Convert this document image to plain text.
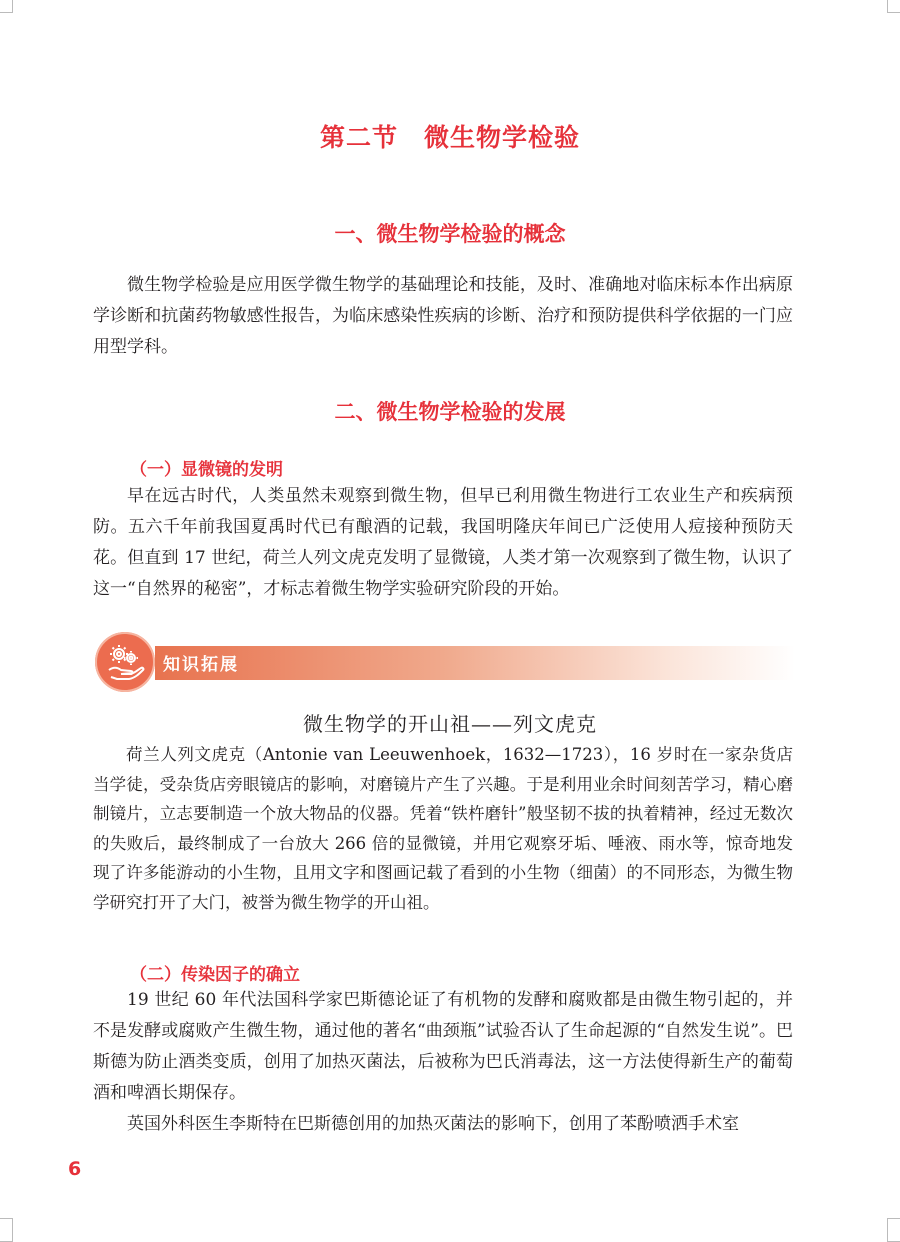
第二节　微生物学检验
一、微生物学检验的概念

微生物学检验是应用医学微生物学的基础理论和技能，及时、准确地对临床标本作出病原学诊断和抗菌药物敏感性报告，为临床感染性疾病的诊断、治疗和预防提供科学依据的一门应用型学科。

二、微生物学检验的发展
（一）显微镜的发明

早在远古时代，人类虽然未观察到微生物，但早已利用微生物进行工农业生产和疾病预防。五六千年前我国夏禹时代已有酿酒的记载，我国明隆庆年间已广泛使用人痘接种预防天花。但直到 17 世纪，荷兰人列文虎克发明了显微镜，人类才第一次观察到了微生物，认识了这一“自然界的秘密”，才标志着微生物学实验研究阶段的开始。

知识拓展
微生物学的开山祖——列文虎克

荷兰人列文虎克（Antonie van Leeuwenhoek，1632—1723），16 岁时在一家杂货店当学徒，受杂货店旁眼镜店的影响，对磨镜片产生了兴趣。于是利用业余时间刻苦学习，精心磨制镜片，立志要制造一个放大物品的仪器。凭着“铁杵磨针”般坚韧不拔的执着精神，经过无数次的失败后，最终制成了一台放大 266 倍的显微镜，并用它观察牙垢、唾液、雨水等，惊奇地发现了许多能游动的小生物，且用文字和图画记载了看到的小生物（细菌）的不同形态，为微生物学研究打开了大门，被誉为微生物学的开山祖。

（二）传染因子的确立

19 世纪 60 年代法国科学家巴斯德论证了有机物的发酵和腐败都是由微生物引起的，并不是发酵或腐败产生微生物，通过他的著名“曲颈瓶”试验否认了生命起源的“自然发生说”。巴斯德为防止酒类变质，创用了加热灭菌法，后被称为巴氏消毒法，这一方法使得新生产的葡萄酒和啤酒长期保存。

英国外科医生李斯特在巴斯德创用的加热灭菌法的影响下，创用了苯酚喷洒手术室

6
